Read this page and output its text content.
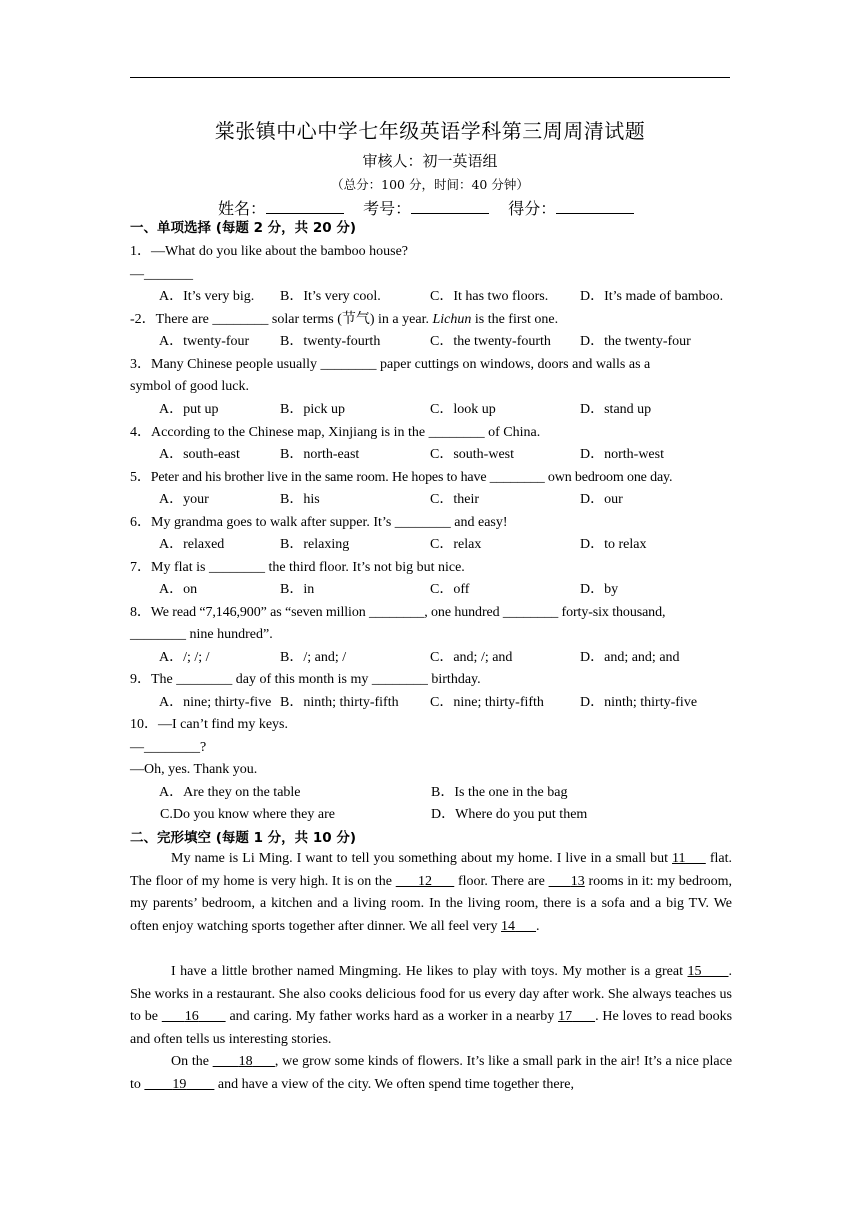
棠张镇中心中学七年级英语学科第三周周清试题
审核人：初一英语组
（总分：100 分，时间：40 分钟）
姓名：	考号：	得分：
一、单项选择 (每题 2 分，共 20 分)
1．—What do you like about the bamboo house?
—_______
A．It’s very big. B．It’s very cool.	C．It has two floors. D．It’s made of bamboo.
-2．There are ________ solar terms (节气) in a year. Lichun is the first one.
A．twenty-four B．twenty-fourth	C．the twenty-fourth D．the twenty-four
3．Many Chinese people usually ________ paper cuttings on windows, doors and walls as a
symbol of good luck.
A．put up	B．pick up	C．look up	D．stand up
4．According to the Chinese map, Xinjiang is in the ________ of China.
A．south-east	B．north-east	C．south-west	D．north-west
5．Peter and his brother live in the same room. He hopes to have ________ own bedroom one day.
A．your	B．his	C．their	D．our
6．My grandma goes to walk after supper. It’s ________ and easy!
A．relaxed	B．relaxing	C．relax	D．to relax
7．My flat is ________ the third floor. It’s not big but nice.
A．on	B．in	C．off	D．by
8．We read “7,146,900” as “seven million ________, one hundred ________ forty-six thousand,
________ nine hundred”.
A．/; /; /	B．/; and; /	C．and; /; and	D．and; and; and
9．The ________ day of this month is my ________ birthday.
A．nine; thirty-five B．ninth; thirty-fifth C．nine; thirty-fifth	D．ninth; thirty-five
10．—I can’t find my keys.
—________?
—Oh, yes. Thank you.
A．Are they on the table	B．Is the one in the bag
C.Do you know where they are	D．Where do you put them
二、完形填空 (每题 1 分，共 10 分)
My name is Li Ming. I want to tell you something about my home. I live in a small but 11 flat. The floor of my home is very high. It is on the 12 floor. There are 13 rooms in it: my bedroom, my parents’ bedroom, a kitchen and a living room. In the living room, there is a sofa and a big TV. We often enjoy watching sports together after dinner. We all feel very 14 .
I have a little brother named Mingming. He likes to play with toys. My mother is a great 15 . She works in a restaurant. She also cooks delicious food for us every day after work. She always teaches us to be 16 and caring. My father works hard as a worker in a nearby 17 . He loves to read books and often tells us interesting stories.
On the 18 , we grow some kinds of flowers. It’s like a small park in the air! It’s a nice place to 19 and have a view of the city. We often spend time together there,
